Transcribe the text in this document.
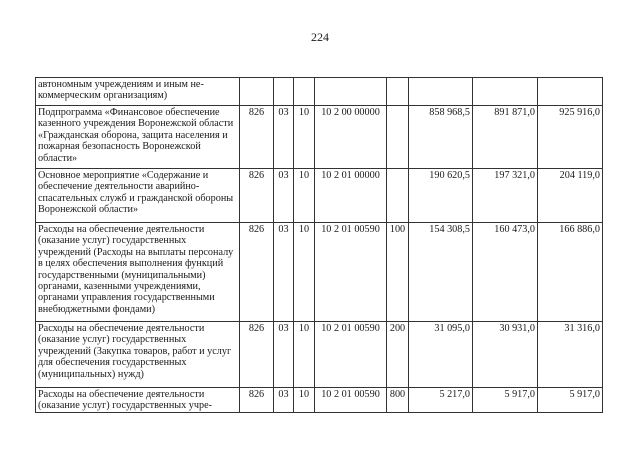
224
автономным учреждениям и иным не-коммерческим организациям)								
Подпрограмма «Финансовое обеспечение казенного учреждения Воронежской области «Гражданская оборона, защита населения и пожарная безопасность Воронежской области»	826	03	10	10 2 00 00000		858 968,5	891 871,0	925 916,0
Основное мероприятие «Содержание и обеспечение деятельности аварийно-спасательных служб и гражданской обороны Воронежской области»	826	03	10	10 2 01 00000		190 620,5	197 321,0	204 119,0
Расходы на обеспечение деятельности (оказание услуг) государственных учреждений (Расходы на выплаты персоналу в целях обеспечения выполнения функций государственными (муниципальными) органами, казенными учреждениями, органами управления государственными внебюджетными фондами)	826	03	10	10 2 01 00590	100	154 308,5	160 473,0	166 886,0
Расходы на обеспечение деятельности (оказание услуг) государственных учреждений (Закупка товаров, работ и услуг для обеспечения государственных (муниципальных) нужд)	826	03	10	10 2 01 00590	200	31 095,0	30 931,0	31 316,0
Расходы на обеспечение деятельности (оказание услуг) государственных учре-	826	03	10	10 2 01 00590	800	5 217,0	5 917,0	5 917,0
